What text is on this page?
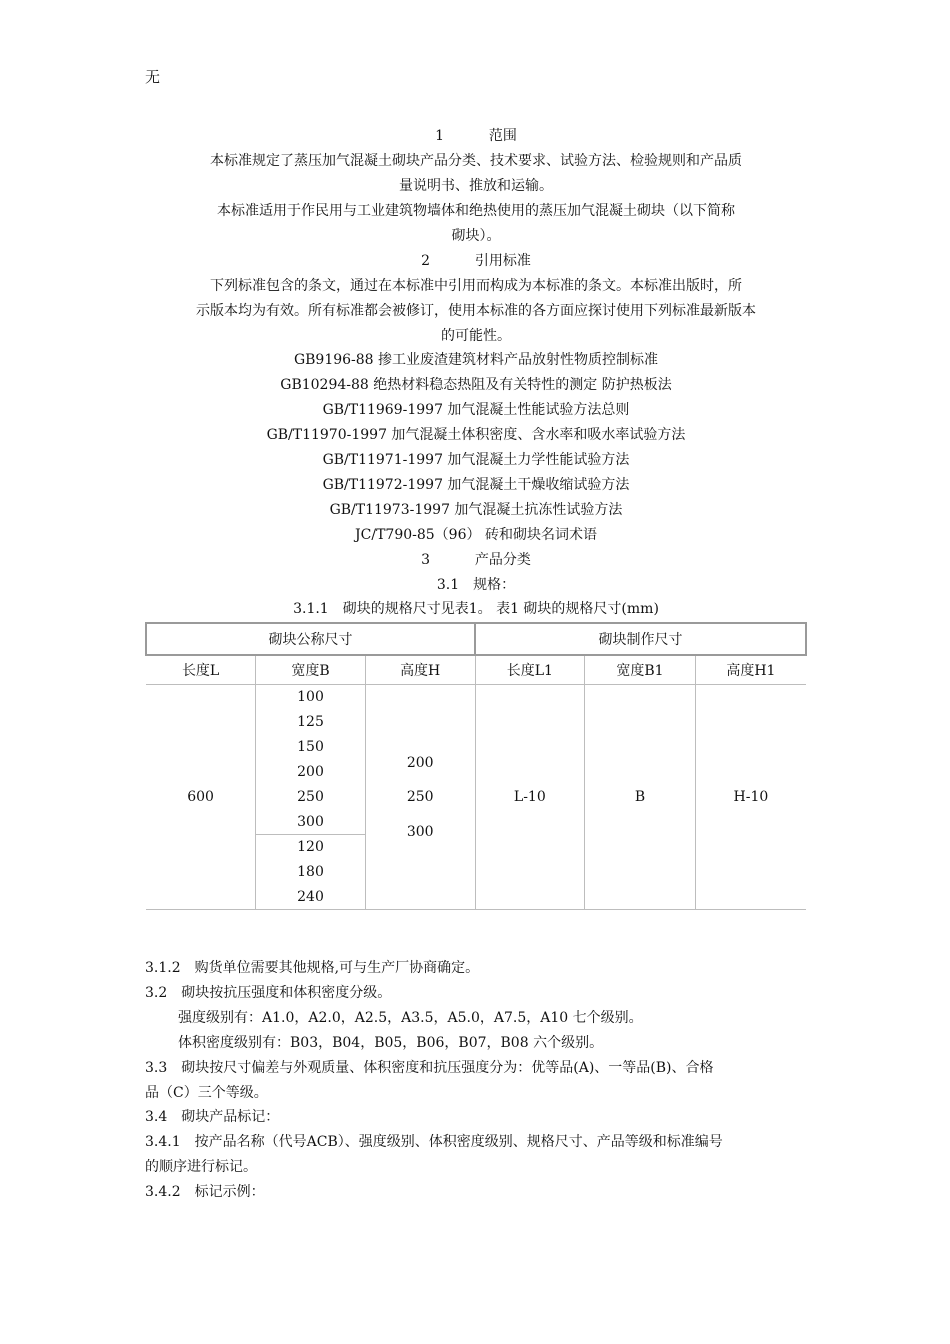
无
1	范围
本标准规定了蒸压加气混凝土砌块产品分类、技术要求、试验方法、检验规则和产品质
量说明书、推放和运输。
本标准适用于作民用与工业建筑物墙体和绝热使用的蒸压加气混凝土砌块（以下简称
砌块）。
2	引用标准
下列标准包含的条文，通过在本标准中引用而构成为本标准的条文。本标准出版时，所
示版本均为有效。所有标准都会被修订，使用本标准的各方面应探讨使用下列标准最新版本
的可能性。
GB9196-88 掺工业废渣建筑材料产品放射性物质控制标准
GB10294-88 绝热材料稳态热阻及有关特性的测定 防护热板法
GB/T11969-1997 加气混凝土性能试验方法总则
GB/T11970-1997 加气混凝土体积密度、含水率和吸水率试验方法
GB/T11971-1997 加气混凝土力学性能试验方法
GB/T11972-1997 加气混凝土干燥收缩试验方法
GB/T11973-1997 加气混凝土抗冻性试验方法
JC/T790-85（96） 砖和砌块名词术语
3	产品分类
3.1　规格：
3.1.1　砌块的规格尺寸见表1。 表1 砌块的规格尺寸(mm)
砌块公称尺寸			砌块制作尺寸		
长度L	宽度B	高度H	长度L1	宽度B1	高度H1
600	100	200	L-10	B	H-10
	125				
	150				
	200				
	250	250			
	300	300			
	120				
	180				
	240				
3.1.2　购货单位需要其他规格,可与生产厂协商确定。
3.2　砌块按抗压强度和体积密度分级。
强度级别有：A1.0，A2.0，A2.5，A3.5，A5.0，A7.5，A10 七个级别。
体积密度级别有：B03，B04，B05，B06，B07，B08 六个级别。
3.3　砌块按尺寸偏差与外观质量、体积密度和抗压强度分为：优等品(A)、一等品(B)、合格
品（C）三个等级。
3.4　砌块产品标记：
3.4.1　按产品名称（代号ACB）、强度级别、体积密度级别、规格尺寸、产品等级和标准编号
的顺序进行标记。
3.4.2　标记示例：
